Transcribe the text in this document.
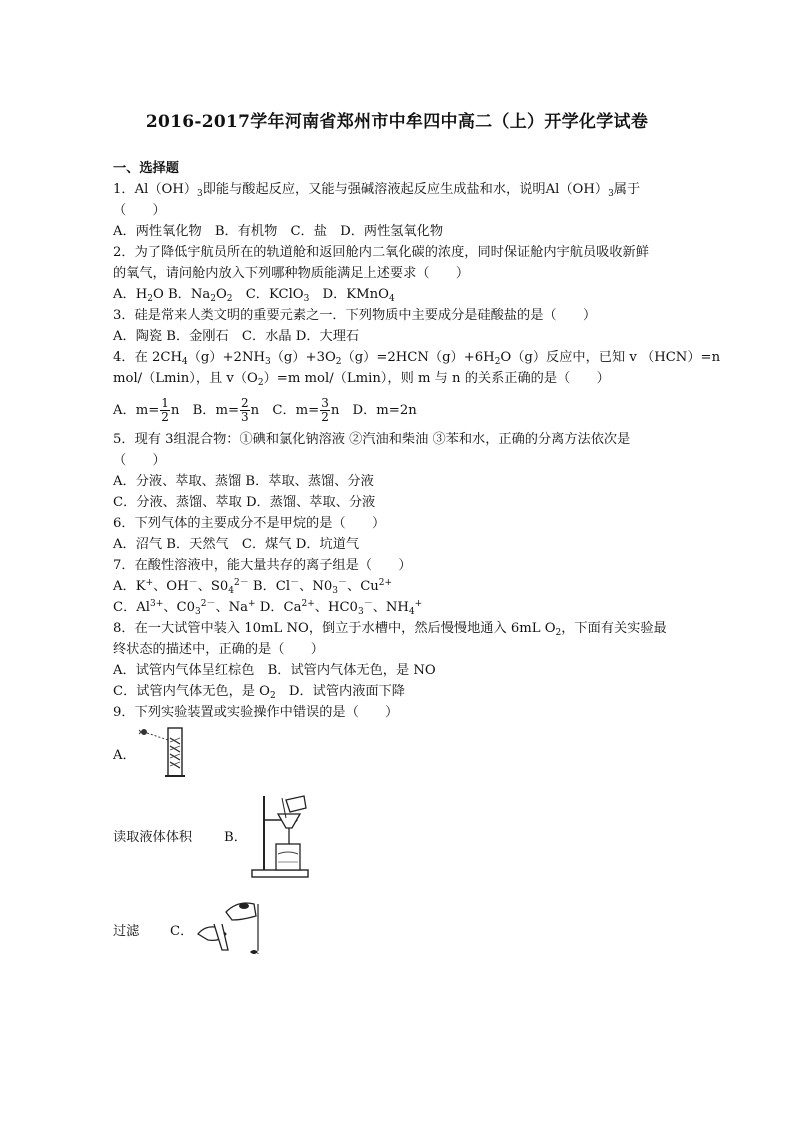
2016-2017学年河南省郑州市中牟四中高二（上）开学化学试卷
一、选择题
1．$Al(OH)_3$即能与酸起反应，又能与强碱溶液起反应生成盐和水，说明$Al(OH)_3$属于
（　　）
A．两性氧化物　B．有机物　C．盐　D．两性氢氧化物
2．为了降低宇航员所在的轨道舱和返回舱内二氧化碳的浓度，同时保证舱内宇航员吸收新鲜
的氧气，请问舱内放入下列哪种物质能满足上述要求（　　）
A．$H_2O$ B．$Na_2O_2$　C．KClO$_3$　D．KMnO$_4$
3．硅是常来人类文明的重要元素之一．下列物质中主要成分是硅酸盐的是（　　）
A．陶瓷 B．金刚石　C．水晶 D．大理石
4．在 $2CH_4(g)+2NH_3(g)+3O_2(g)=2HCN(g)+6H_2O(g)$反应中，已知 v （HCN）=n
mol/（Lmin），且 $v(O_2)=m$ mol/（Lmin），则 m 与 n 的关系正确的是（　　）
A．$m= \frac{1}{2}$ n　B．$m= \frac{2}{3}$ n　C．$m= \frac{3}{2}$ n　D．m=2n
5．现有 3组混合物：①碘和氯化钠溶液 ②汽油和柴油 ③苯和水，正确的分离方法依次是
（　　）
A．分液、萃取、蒸馏 B．萃取、蒸馏、分液
C．分液、蒸馏、萃取 D．蒸馏、萃取、分液
6．下列气体的主要成分不是甲烷的是（　　）
A．沼气 B．天然气　C．煤气 D．坑道气
7．在酸性溶液中，能大量共存的离子组是（　　）
A．K+、OH－、$S0_4^{2-}$ B．Cl－、$N0_3^-$、$Cu^{2+}$
C．$Al^{3+}$、$C0_3^{2-}$、Na+ D．$Ca^{2+}$、$HC0_3^-$、$NH_4^+$
8．在一大试管中装入 10mL NO，倒立于水槽中，然后慢慢地通入 6mL $O_2$，下面有关实验最
终状态的描述中，正确的是（　　）
A．试管内气体呈红棕色　B．试管内气体无色，是 NO
C．试管内气体无色，是 $O_2$　D．试管内液面下降
9．下列实验装置或实验操作中错误的是（　　）
A．
读取液体体积 B．
过滤 C．
